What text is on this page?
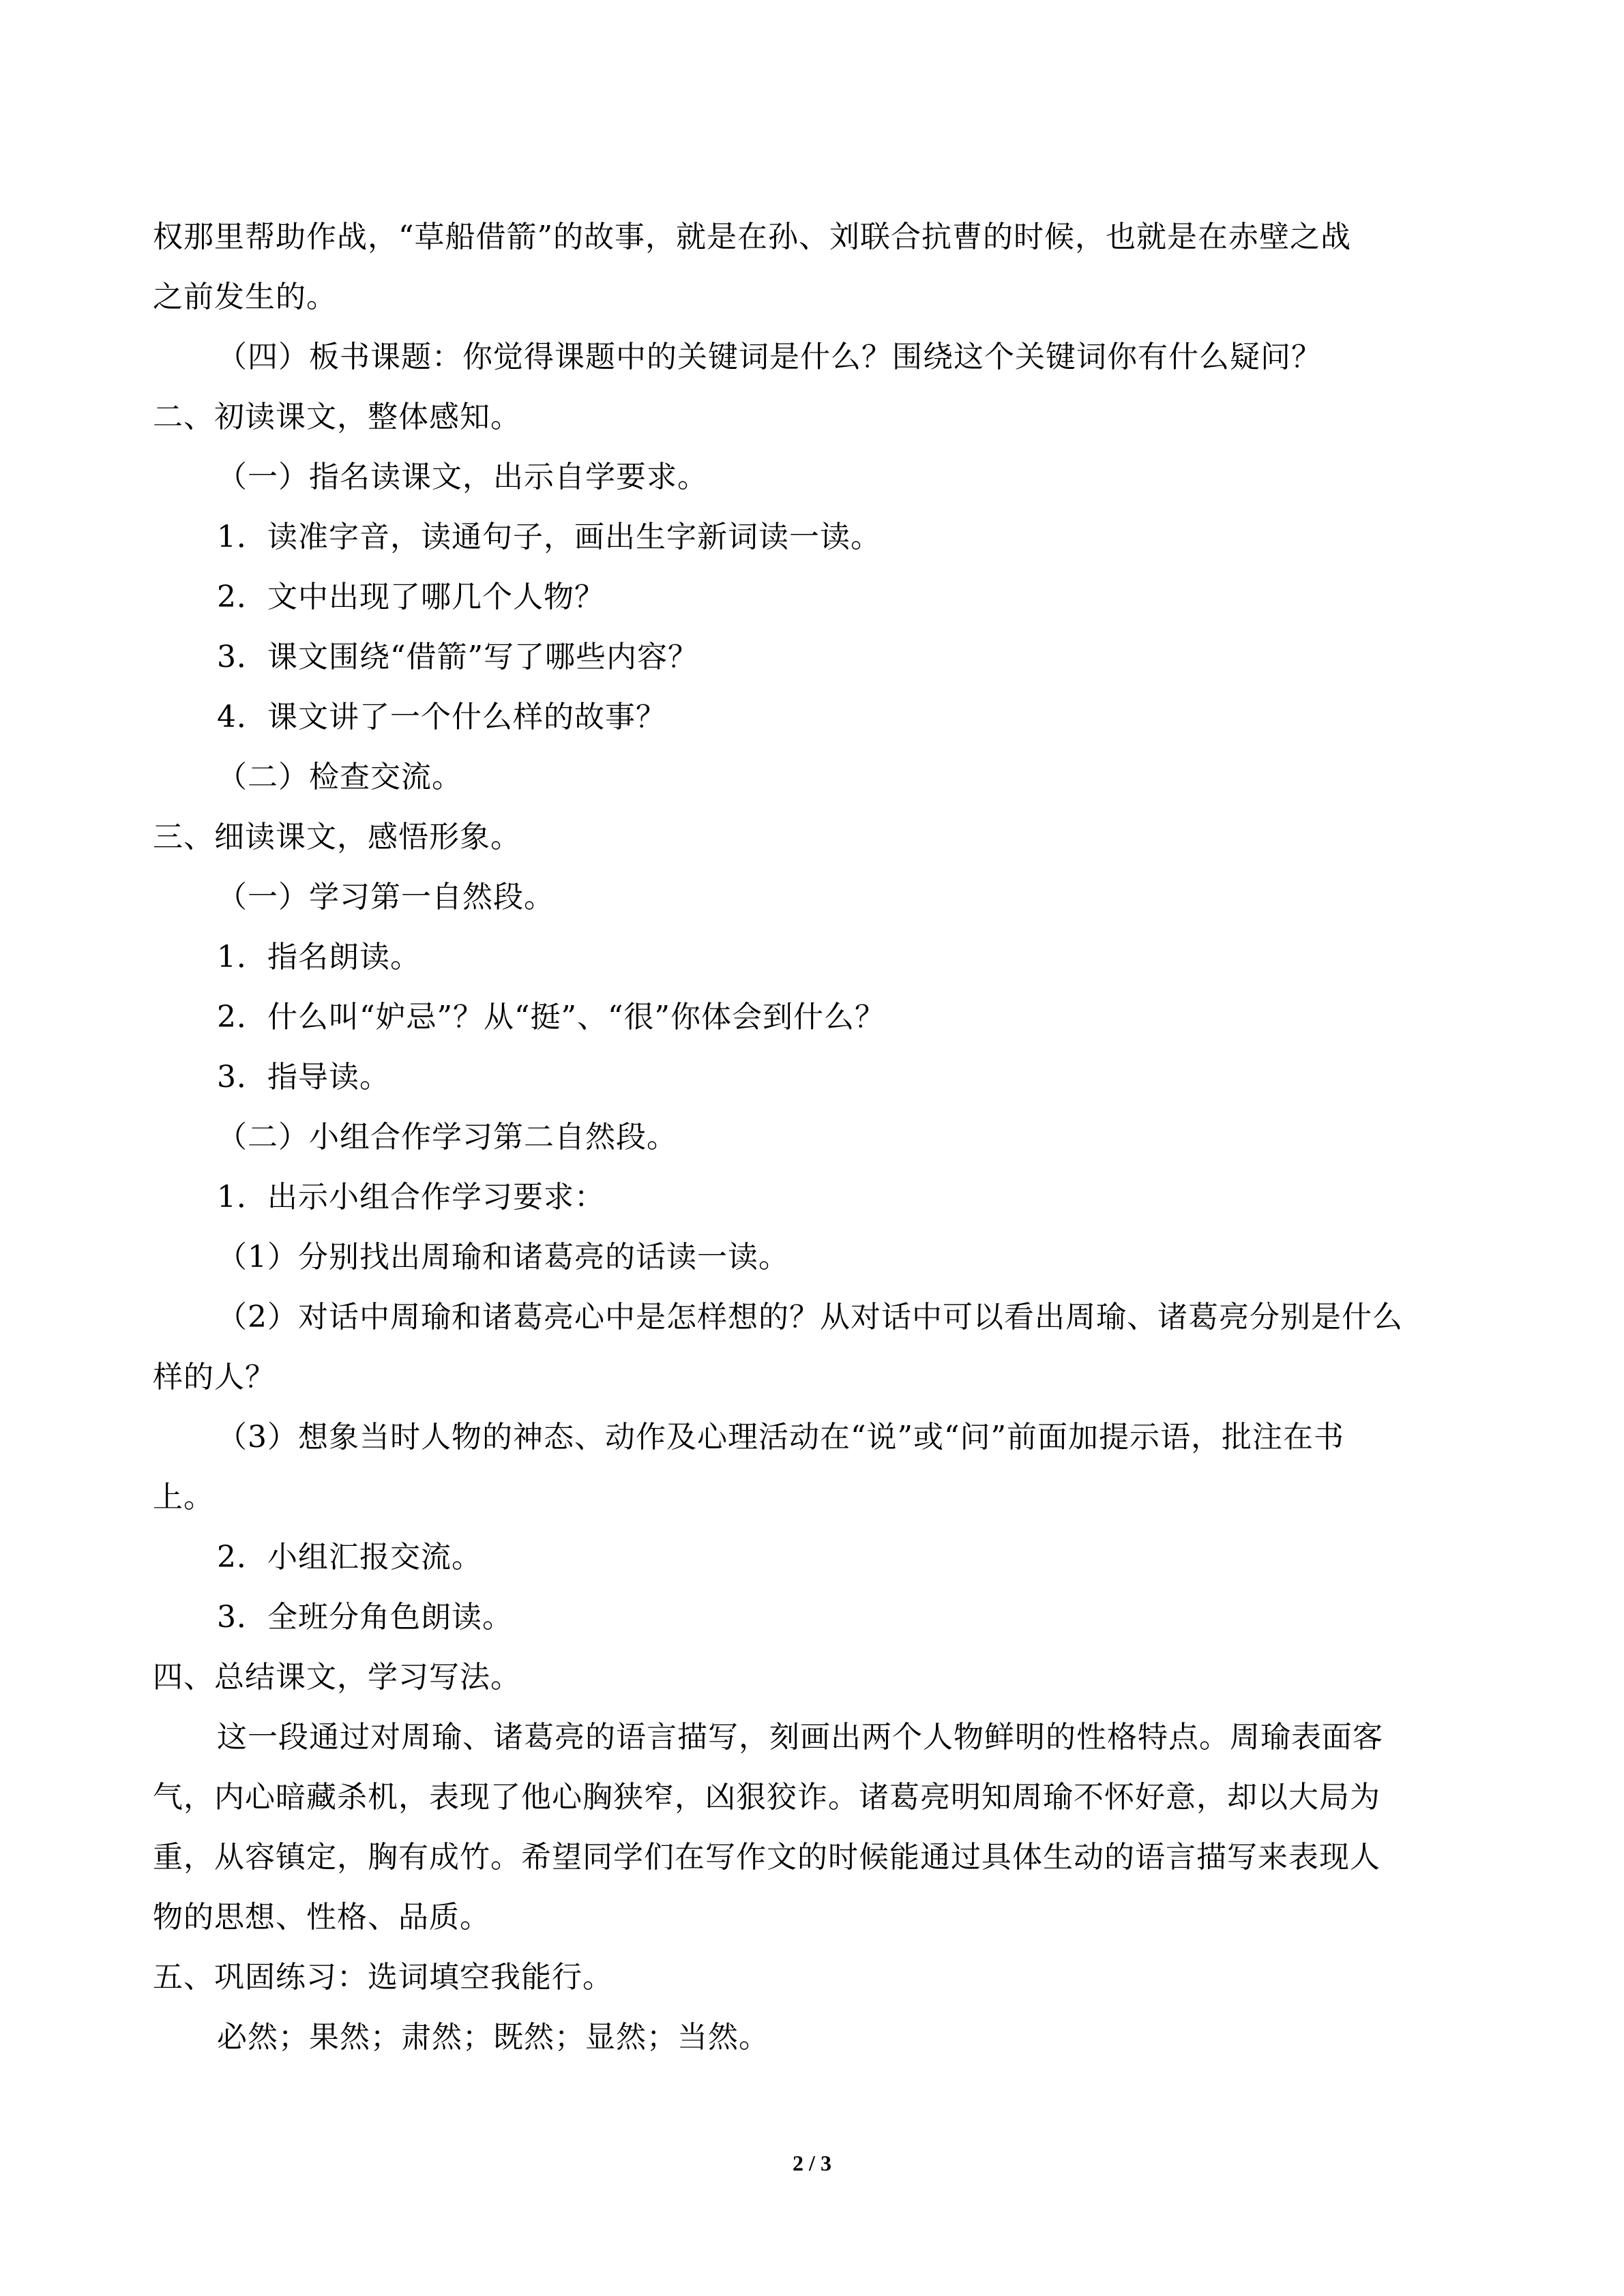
权那里帮助作战，“草船借箭”的故事，就是在孙、刘联合抗曹的时候，也就是在赤壁之战
之前发生的。
（四）板书课题：你觉得课题中的关键词是什么？围绕这个关键词你有什么疑问？
二、初读课文，整体感知。
（一）指名读课文，出示自学要求。
1．读准字音，读通句子，画出生字新词读一读。
2．文中出现了哪几个人物？
3．课文围绕“借箭”写了哪些内容？
4．课文讲了一个什么样的故事？
（二）检查交流。
三、细读课文，感悟形象。
（一）学习第一自然段。
1．指名朗读。
2．什么叫“妒忌”？从“挺”、“很”你体会到什么？
3．指导读。
（二）小组合作学习第二自然段。
1．出示小组合作学习要求：
（1）分别找出周瑜和诸葛亮的话读一读。
（2）对话中周瑜和诸葛亮心中是怎样想的？从对话中可以看出周瑜、诸葛亮分别是什么
样的人？
（3）想象当时人物的神态、动作及心理活动在“说”或“问”前面加提示语，批注在书
上。
2．小组汇报交流。
3．全班分角色朗读。
四、总结课文，学习写法。
这一段通过对周瑜、诸葛亮的语言描写，刻画出两个人物鲜明的性格特点。周瑜表面客
气，内心暗藏杀机，表现了他心胸狭窄，凶狠狡诈。诸葛亮明知周瑜不怀好意，却以大局为
重，从容镇定，胸有成竹。希望同学们在写作文的时候能通过具体生动的语言描写来表现人
物的思想、性格、品质。
五、巩固练习：选词填空我能行。
必然；果然；肃然；既然；显然；当然。
2 / 3
